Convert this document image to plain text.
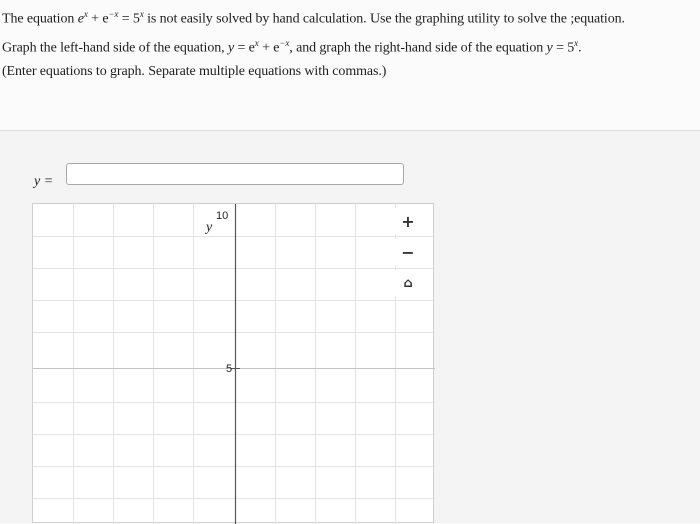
The equation $e^x + e^{-x} = 5^x$ is not easily solved by hand calculation. Use the graphing utility to solve the ;equation.
Graph the left-hand side of the equation, $y = e^x + e^{-x}$, and graph the right-hand side of the equation $y = 5^x$.
(Enter equations to graph. Separate multiple equations with commas.)
y =
10
y
5
+
−
⌂
